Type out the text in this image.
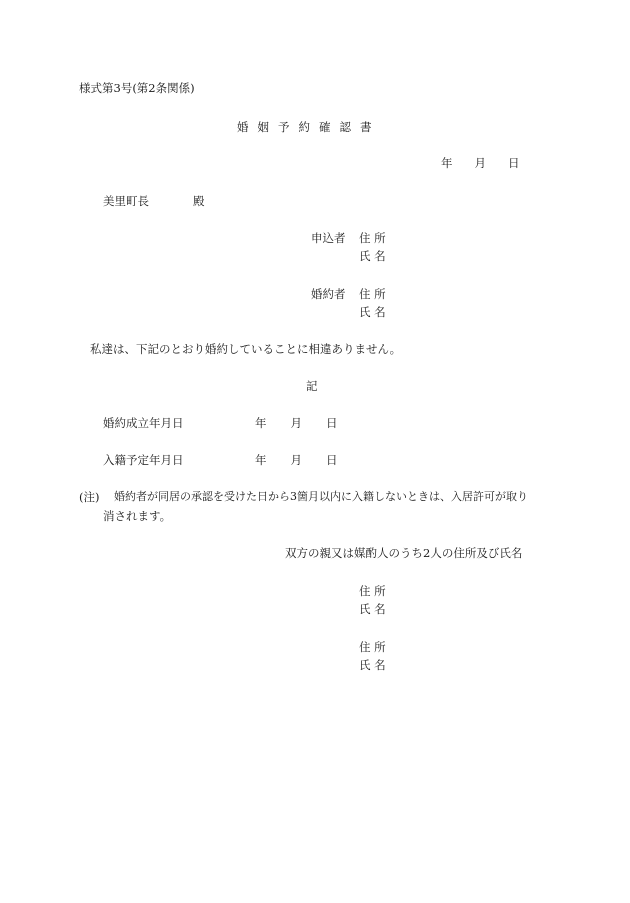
様式第3号(第2条関係)
婚姻予約確認書
年 月 日
美里町長	殿
申込者 住 所
氏 名
婚約者 住 所
氏 名
私達は、下記のとおり婚約していることに相違ありません。
記
婚約成立年月日	年 月 日
入籍予定年月日	年 月 日
(注) 婚約者が同居の承認を受けた日から3箇月以内に入籍しないときは、入居許可が取り
消されます。
双方の親又は媒酌人のうち2人の住所及び氏名
住 所
氏 名
住 所
氏 名
